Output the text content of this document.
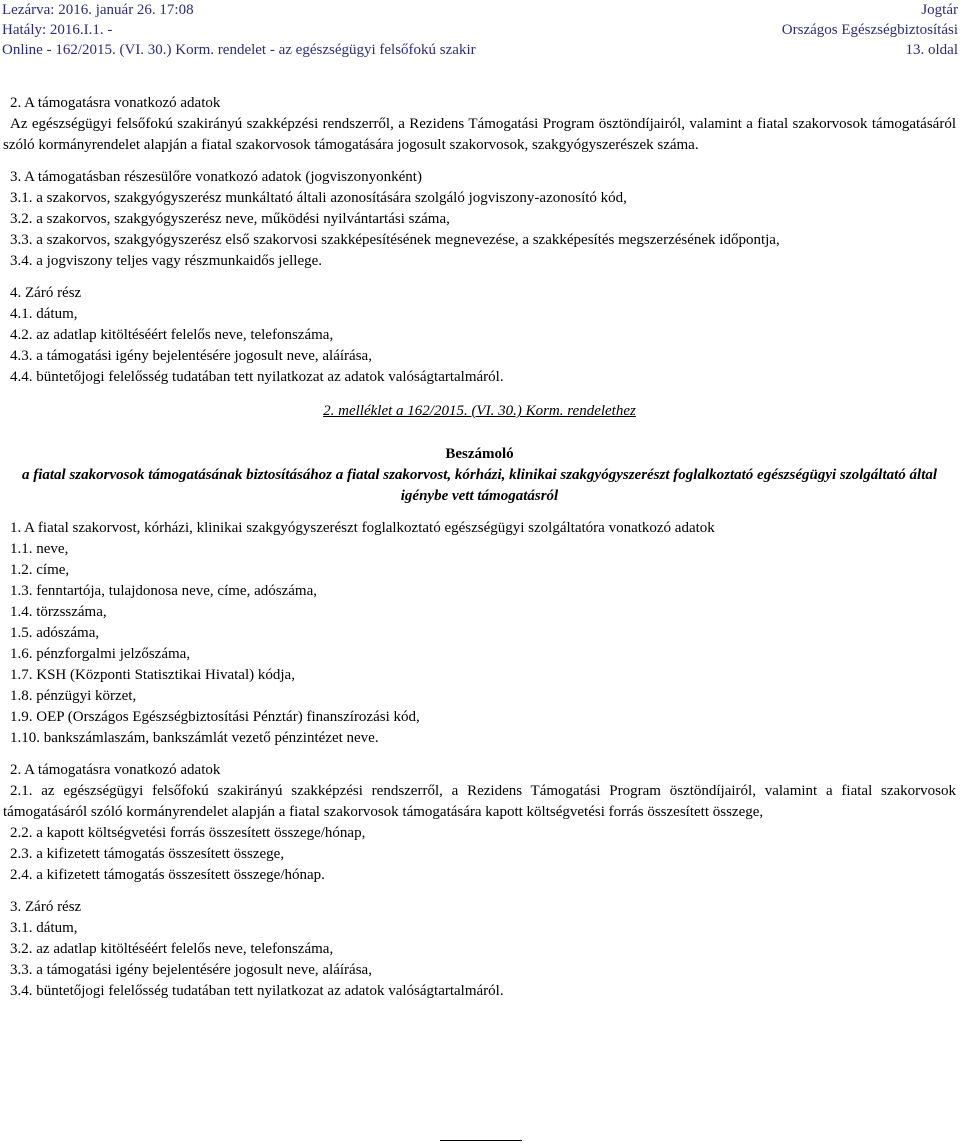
Lezárva: 2016. január 26. 17:08
Hatály: 2016.I.1. -
Online - 162/2015. (VI. 30.) Korm. rendelet - az egészségügyi felsőfokú szakir
Jogtár
Országos Egészségbiztosítási
13. oldal
2. A támogatásra vonatkozó adatok
Az egészségügyi felsőfokú szakirányú szakképzési rendszerről, a Rezidens Támogatási Program ösztöndíjairól, valamint a fiatal szakorvosok támogatásáról szóló kormányrendelet alapján a fiatal szakorvosok támogatására jogosult szakorvosok, szakgyógyszerészek száma.
3. A támogatásban részesülőre vonatkozó adatok (jogviszonyonként)
3.1. a szakorvos, szakgyógyszerész munkáltató általi azonosítására szolgáló jogviszony-azonosító kód,
3.2. a szakorvos, szakgyógyszerész neve, működési nyilvántartási száma,
3.3. a szakorvos, szakgyógyszerész első szakorvosi szakképesítésének megnevezése, a szakképesítés megszerzésének időpontja,
3.4. a jogviszony teljes vagy részmunkaidős jellege.
4. Záró rész
4.1. dátum,
4.2. az adatlap kitöltéséért felelős neve, telefonszáma,
4.3. a támogatási igény bejelentésére jogosult neve, aláírása,
4.4. büntetőjogi felelősség tudatában tett nyilatkozat az adatok valóságtartalmáról.
2. melléklet a 162/2015. (VI. 30.) Korm. rendelethez
Beszámoló
a fiatal szakorvosok támogatásának biztosításához a fiatal szakorvost, kórházi, klinikai szakgyógyszerészt foglalkoztató egészségügyi szolgáltató által igénybe vett támogatásról
1. A fiatal szakorvost, kórházi, klinikai szakgyógyszerészt foglalkoztató egészségügyi szolgáltatóra vonatkozó adatok
1.1. neve,
1.2. címe,
1.3. fenntartója, tulajdonosa neve, címe, adószáma,
1.4. törzsszáma,
1.5. adószáma,
1.6. pénzforgalmi jelzőszáma,
1.7. KSH (Központi Statisztikai Hivatal) kódja,
1.8. pénzügyi körzet,
1.9. OEP (Országos Egészségbiztosítási Pénztár) finanszírozási kód,
1.10. bankszámlaszám, bankszámlát vezető pénzintézet neve.
2. A támogatásra vonatkozó adatok
2.1. az egészségügyi felsőfokú szakirányú szakképzési rendszerről, a Rezidens Támogatási Program ösztöndíjairól, valamint a fiatal szakorvosok támogatásáról szóló kormányrendelet alapján a fiatal szakorvosok támogatására kapott költségvetési forrás összesített összege,
2.2. a kapott költségvetési forrás összesített összege/hónap,
2.3. a kifizetett támogatás összesített összege,
2.4. a kifizetett támogatás összesített összege/hónap.
3. Záró rész
3.1. dátum,
3.2. az adatlap kitöltéséért felelős neve, telefonszáma,
3.3. a támogatási igény bejelentésére jogosult neve, aláírása,
3.4. büntetőjogi felelősség tudatában tett nyilatkozat az adatok valóságtartalmáról.
